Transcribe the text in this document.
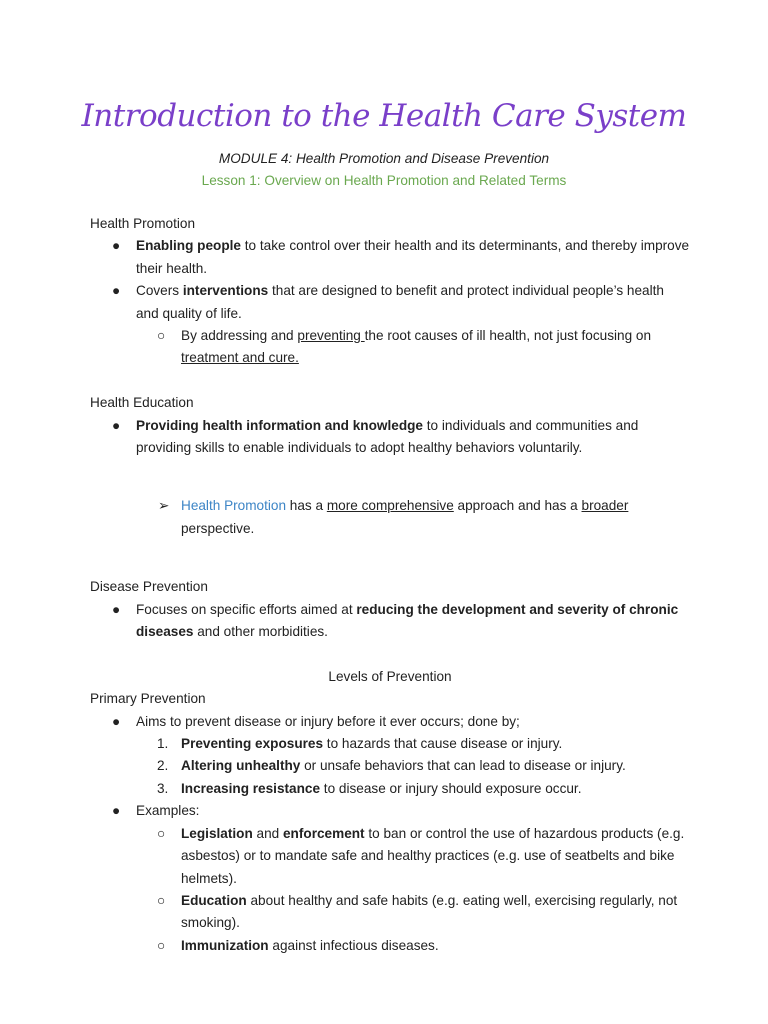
Introduction to the Health Care System
MODULE 4: Health Promotion and Disease Prevention
Lesson 1: Overview on Health Promotion and Related Terms

Health Promotion

● Enabling people to take control over their health and its determinants, and thereby improve their health.

● Covers interventions that are designed to benefit and protect individual people’s health and quality of life.

○ By addressing and preventing the root causes of ill health, not just focusing on treatment and cure.

Health Education

● Providing health information and knowledge to individuals and communities and providing skills to enable individuals to adopt healthy behaviors voluntarily.

➢ Health Promotion has a more comprehensive approach and has a broader perspective.

Disease Prevention

● Focuses on specific efforts aimed at reducing the development and severity of chronic diseases and other morbidities.

Levels of Prevention

Primary Prevention

● Aims to prevent disease or injury before it ever occurs; done by;

1. Preventing exposures to hazards that cause disease or injury.

2. Altering unhealthy or unsafe behaviors that can lead to disease or injury.

3. Increasing resistance to disease or injury should exposure occur.

● Examples:

○ Legislation and enforcement to ban or control the use of hazardous products (e.g. asbestos) or to mandate safe and healthy practices (e.g. use of seatbelts and bike helmets).

○ Education about healthy and safe habits (e.g. eating well, exercising regularly, not smoking).

○ Immunization against infectious diseases.
